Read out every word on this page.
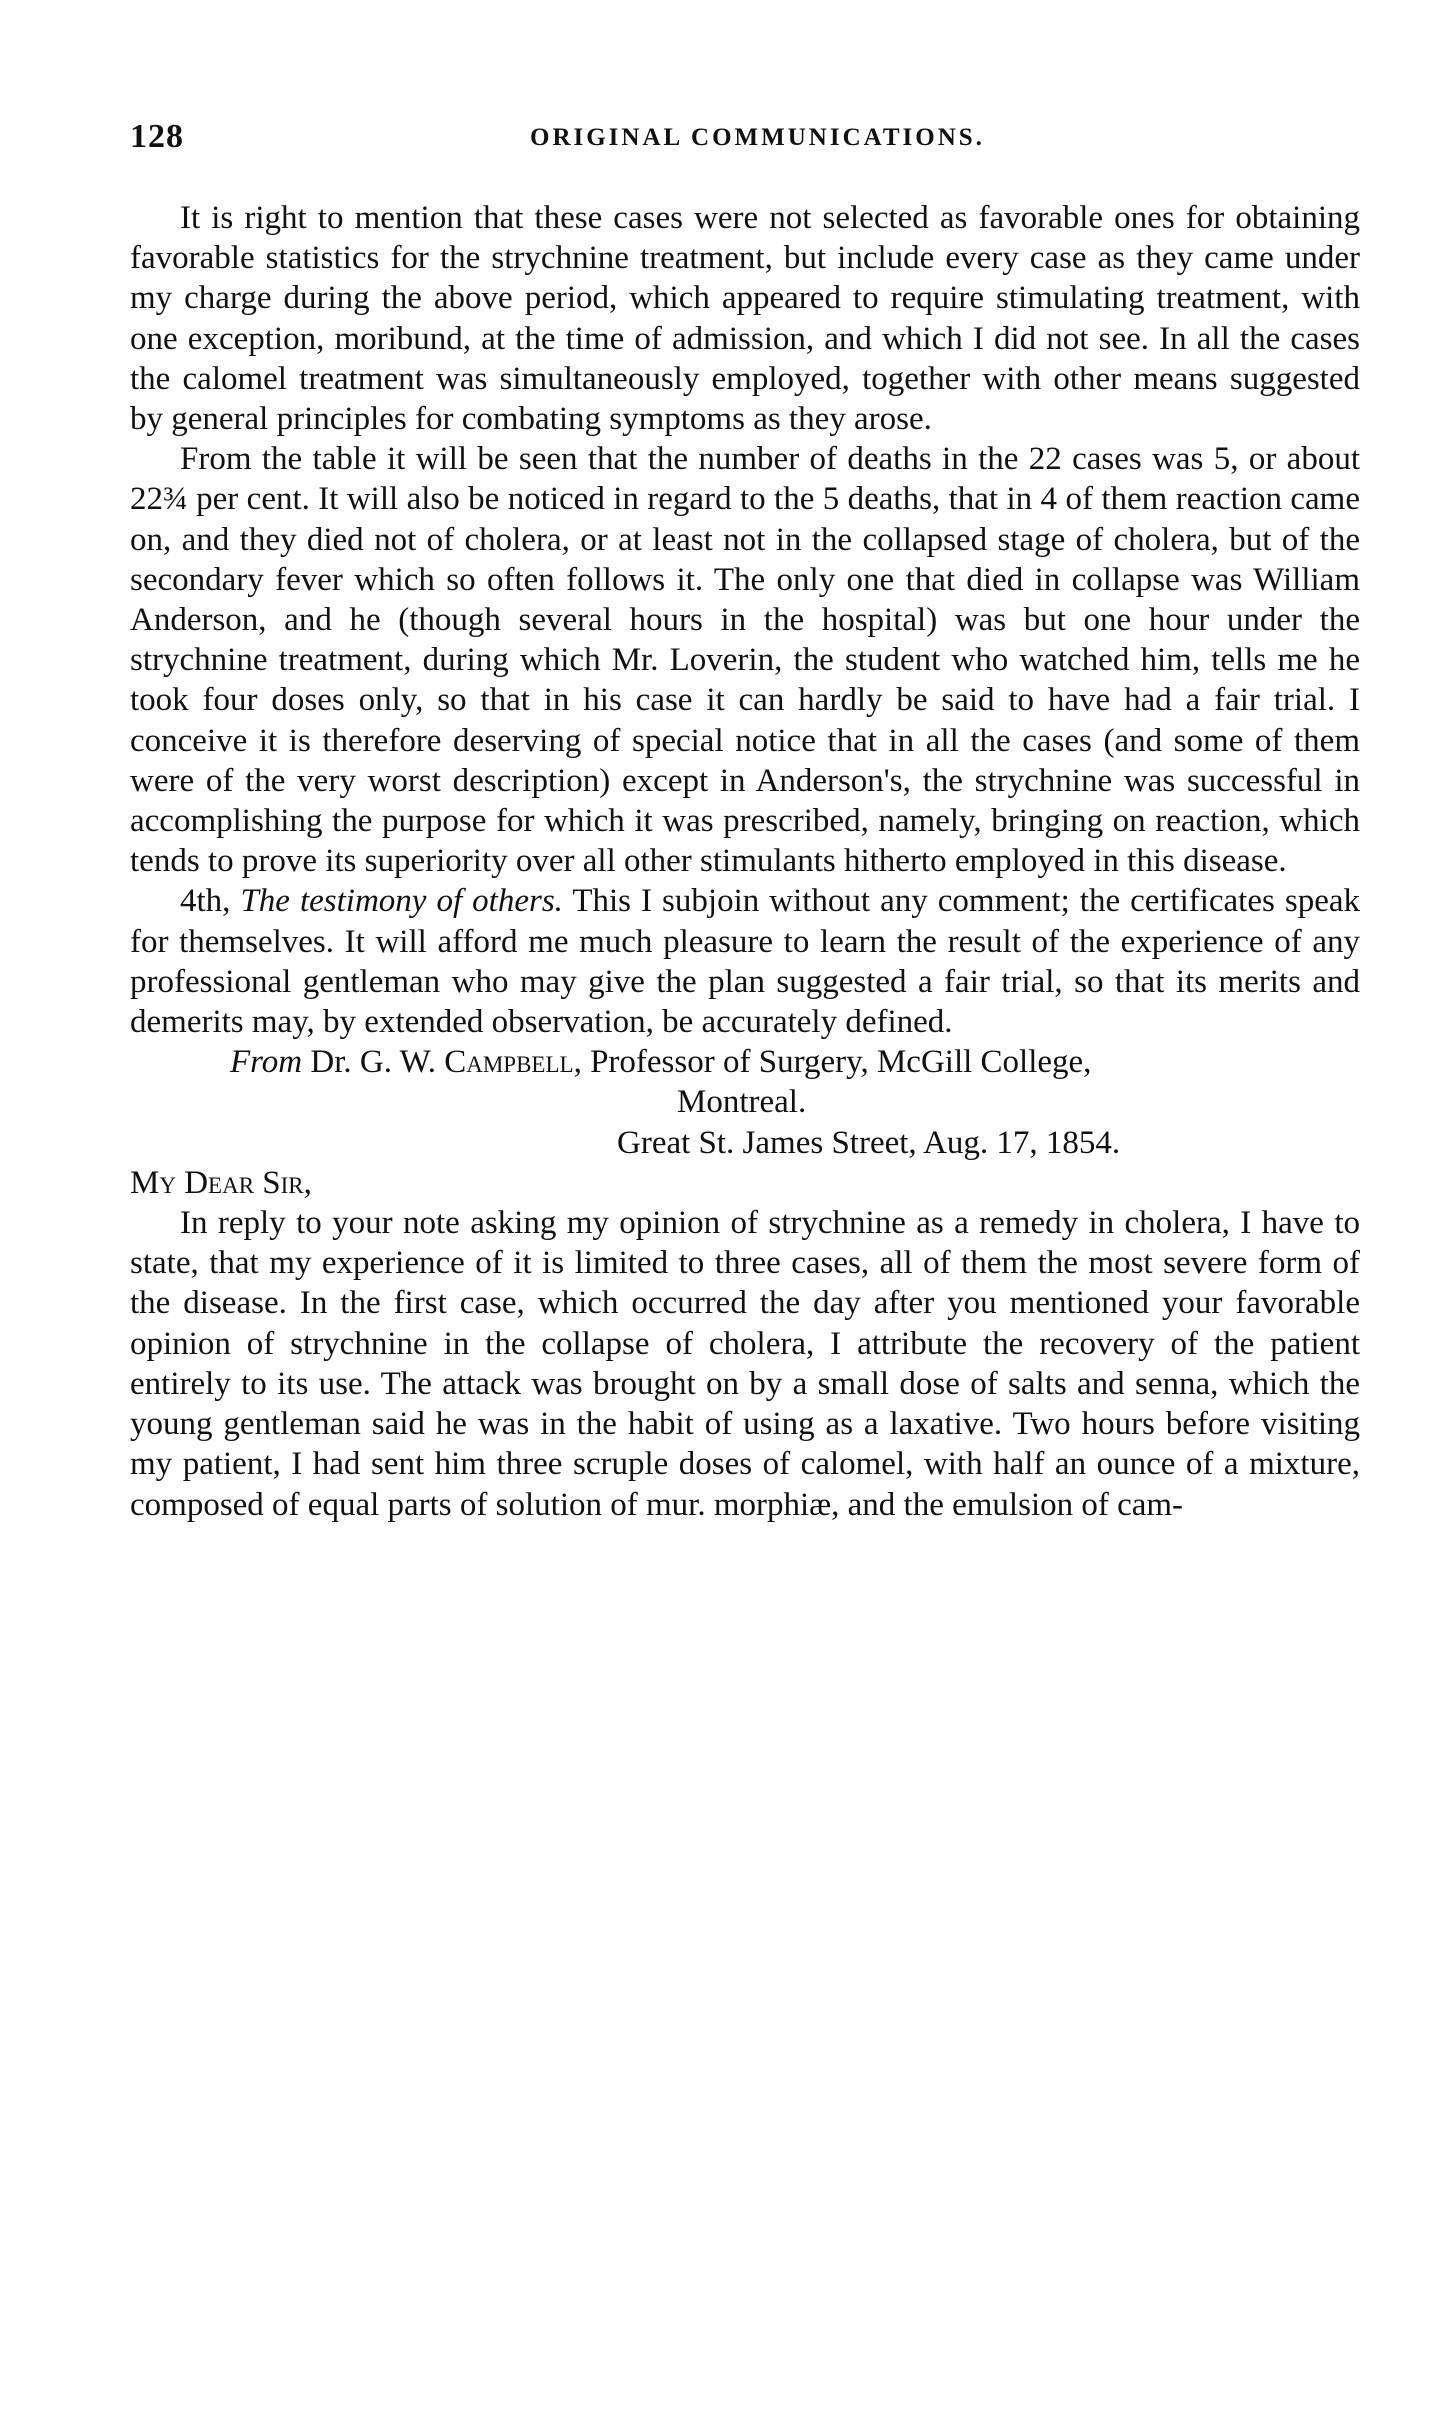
128	ORIGINAL COMMUNICATIONS.

It is right to mention that these cases were not selected as favorable ones for obtaining favorable statistics for the strychnine treatment, but include every case as they came under my charge during the above period, which appeared to require stimulating treatment, with one exception, moribund, at the time of admission, and which I did not see. In all the cases the calomel treatment was simultaneously employed, together with other means suggested by general principles for combating symptoms as they arose.

From the table it will be seen that the number of deaths in the 22 cases was 5, or about 22¾ per cent. It will also be noticed in regard to the 5 deaths, that in 4 of them reaction came on, and they died not of cholera, or at least not in the collapsed stage of cholera, but of the secondary fever which so often follows it. The only one that died in collapse was William Anderson, and he (though several hours in the hospital) was but one hour under the strychnine treatment, during which Mr. Loverin, the student who watched him, tells me he took four doses only, so that in his case it can hardly be said to have had a fair trial. I conceive it is therefore deserving of special notice that in all the cases (and some of them were of the very worst description) except in Anderson's, the strychnine was successful in accomplishing the purpose for which it was prescribed, namely, bringing on reaction, which tends to prove its superiority over all other stimulants hitherto employed in this disease.

4th, The testimony of others. This I subjoin without any comment; the certificates speak for themselves. It will afford me much pleasure to learn the result of the experience of any professional gentleman who may give the plan suggested a fair trial, so that its merits and demerits may, by extended observation, be accurately defined.

From Dr. G. W. Campbell, Professor of Surgery, McGill College,

Montreal.

Great St. James Street, Aug. 17, 1854.

My Dear Sir,

In reply to your note asking my opinion of strychnine as a remedy in cholera, I have to state, that my experience of it is limited to three cases, all of them the most severe form of the disease. In the first case, which occurred the day after you mentioned your favorable opinion of strychnine in the collapse of cholera, I attribute the recovery of the patient entirely to its use. The attack was brought on by a small dose of salts and senna, which the young gentleman said he was in the habit of using as a laxative. Two hours before visiting my patient, I had sent him three scruple doses of calomel, with half an ounce of a mixture, composed of equal parts of solution of mur. morphiæ, and the emulsion of cam-
